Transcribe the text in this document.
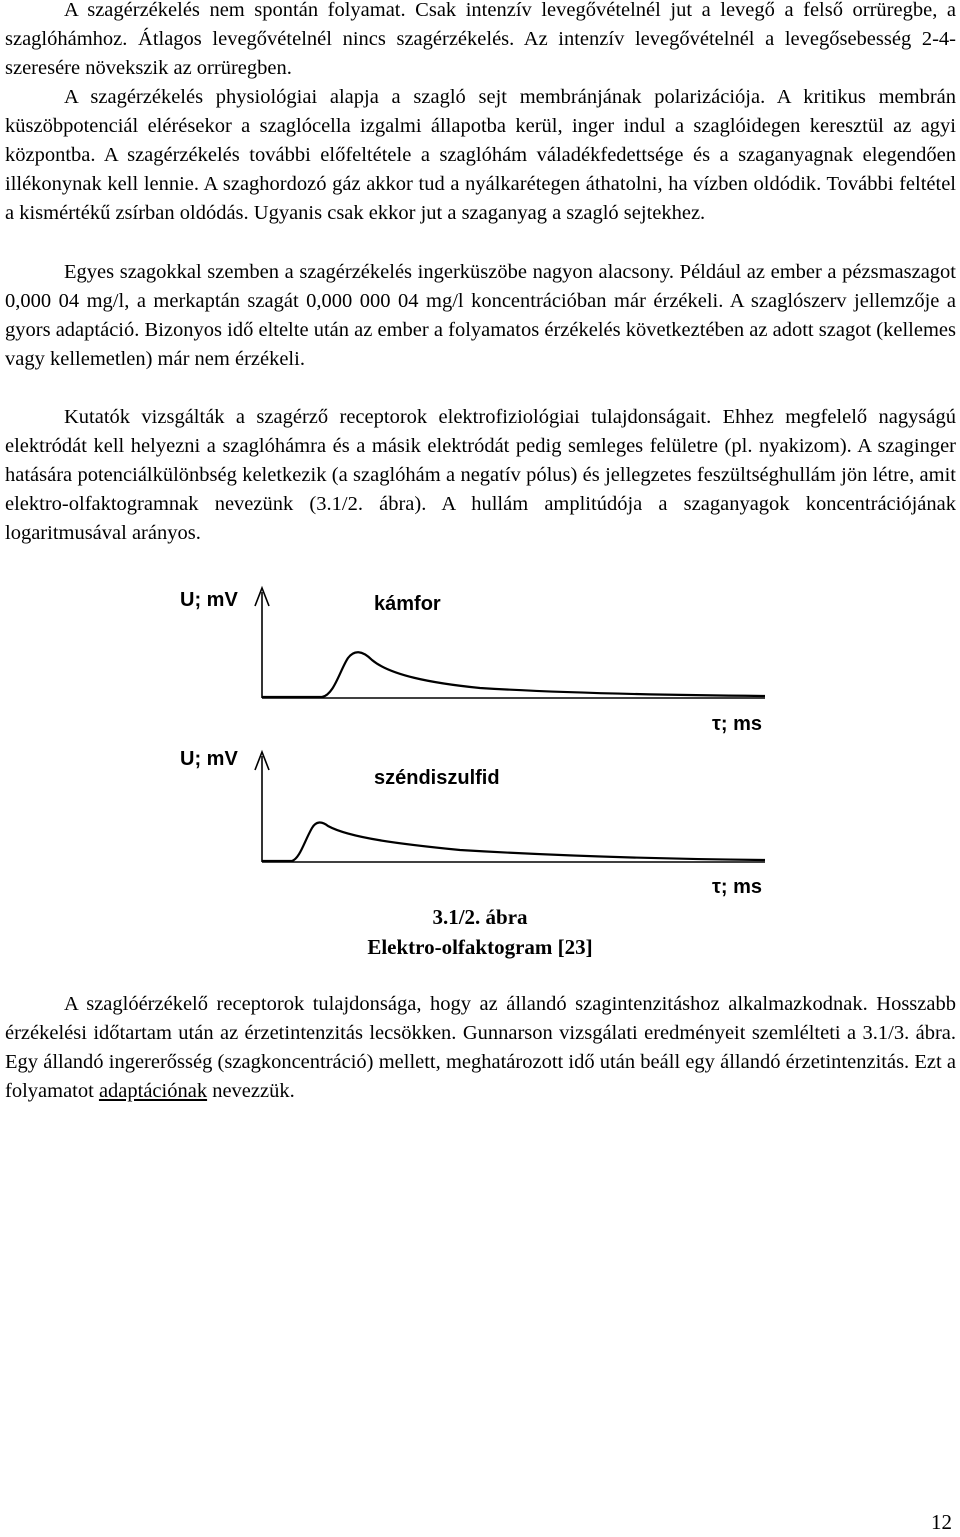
A szagérzékelés nem spontán folyamat. Csak intenzív levegővételnél jut a levegő a felső orrüregbe, a szaglóhámhoz. Átlagos levegővételnél nincs szagérzékelés. Az intenzív levegővételnél a levegősebesség 2-4-szeresére növekszik az orrüregben.

A szagérzékelés physiológiai alapja a szagló sejt membránjának polarizációja. A kritikus membrán küszöbpotenciál elérésekor a szaglócella izgalmi állapotba kerül, inger indul a szaglóidegen keresztül az agyi központba. A szagérzékelés további előfeltétele a szaglóhám váladékfedettsége és a szaganyagnak elegendően illékonynak kell lennie. A szaghordozó gáz akkor tud a nyálkarétegen áthatolni, ha vízben oldódik. További feltétel a kismértékű zsírban oldódás. Ugyanis csak ekkor jut a szaganyag a szagló sejtekhez.

Egyes szagokkal szemben a szagérzékelés ingerküszöbe nagyon alacsony. Például az ember a pézsmaszagot 0,000 04 mg/l, a merkaptán szagát 0,000 000 04 mg/l koncentrációban már érzékeli. A szaglószerv jellemzője a gyors adaptáció. Bizonyos idő eltelte után az ember a folyamatos érzékelés következtében az adott szagot (kellemes vagy kellemetlen) már nem érzékeli.

Kutatók vizsgálták a szagérző receptorok elektrofiziológiai tulajdonságait. Ehhez megfelelő nagyságú elektródát kell helyezni a szaglóhámra és a másik elektródát pedig semleges felületre (pl. nyakizom). A szaginger hatására potenciálkülönbség keletkezik (a szaglóhám a negatív pólus) és jellegzetes feszültséghullám jön létre, amit elektro-olfaktogramnak nevezünk (3.1/2. ábra). A hullám amplitúdója a szaganyagok koncentrációjának logaritmusával arányos.

U; mV	kámfor
τ; ms
U; mV
széndiszulfid
τ; ms
3.1/2. ábra
Elektro-olfaktogram [23]

A szaglóérzékelő receptorok tulajdonsága, hogy az állandó szagintenzitáshoz alkalmazkodnak. Hosszabb érzékelési időtartam után az érzetintenzitás lecsökken. Gunnarson vizsgálati eredményeit szemlélteti a 3.1/3. ábra. Egy állandó ingererősség (szagkoncentráció) mellett, meghatározott idő után beáll egy állandó érzetintenzitás. Ezt a folyamatot adaptációnak nevezzük.

12
